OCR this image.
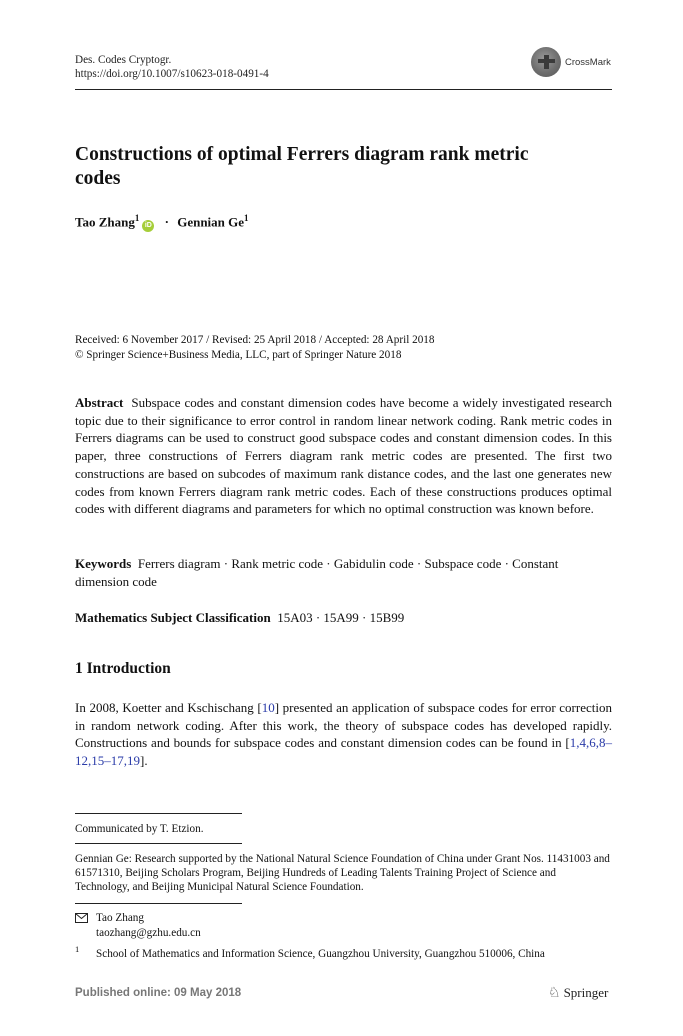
Des. Codes Cryptogr.
https://doi.org/10.1007/s10623-018-0491-4
CrossMark
Constructions of optimal Ferrers diagram rank metric
codes
Tao Zhang$^1$iD · Gennian Ge$^1$
Received: 6 November 2017 / Revised: 25 April 2018 / Accepted: 28 April 2018
© Springer Science+Business Media, LLC, part of Springer Nature 2018
Abstract Subspace codes and constant dimension codes have become a widely investigated research topic due to their significance to error control in random linear network coding. Rank metric codes in Ferrers diagrams can be used to construct good subspace codes and constant dimension codes. In this paper, three constructions of Ferrers diagram rank metric codes are presented. The first two constructions are based on subcodes of maximum rank distance codes, and the last one generates new codes from known Ferrers diagram rank metric codes. Each of these constructions produces optimal codes with different diagrams and parameters for which no optimal construction was known before.
Keywords Ferrers diagram · Rank metric code · Gabidulin code · Subspace code · Constant dimension code
Mathematics Subject Classification 15A03 · 15A99 · 15B99
1 Introduction
In 2008, Koetter and Kschischang [10] presented an application of subspace codes for error correction in random network coding. After this work, the theory of subspace codes has developed rapidly. Constructions and bounds for subspace codes and constant dimension codes can be found in [1,4,6,8–12,15–17,19].
Communicated by T. Etzion.
Gennian Ge: Research supported by the National Natural Science Foundation of China under Grant Nos. 11431003 and 61571310, Beijing Scholars Program, Beijing Hundreds of Leading Talents Training Project of Science and Technology, and Beijing Municipal Natural Science Foundation.
Tao Zhang
taozhang@gzhu.edu.cn
1 School of Mathematics and Information Science, Guangzhou University, Guangzhou 510006, China
Published online: 09 May 2018	♘ Springer
